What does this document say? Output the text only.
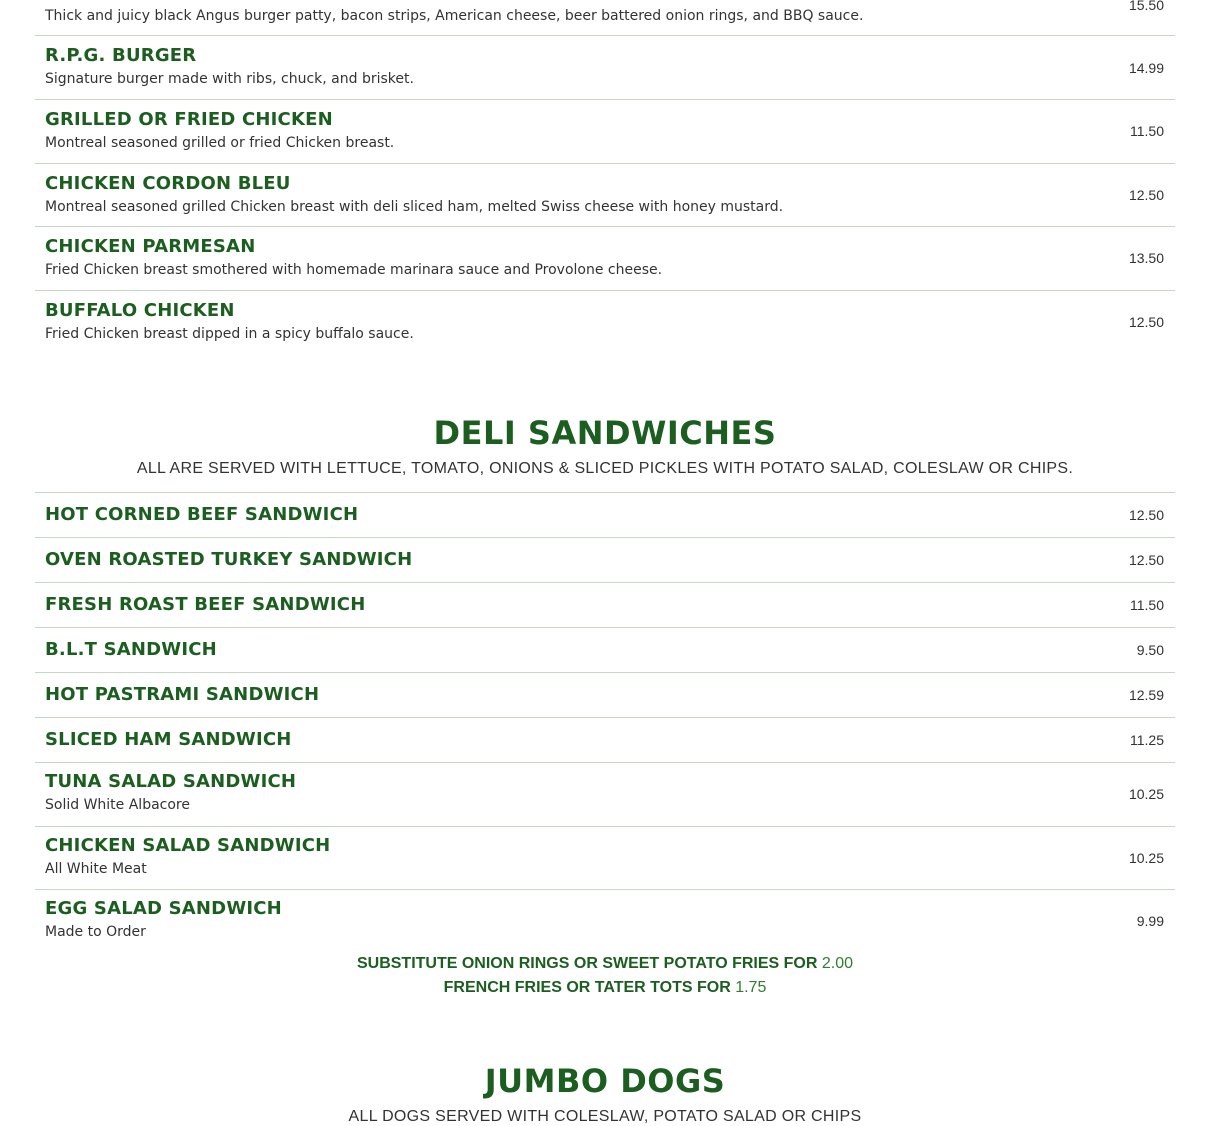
Thick and juicy black Angus burger patty, bacon strips, American cheese, beer battered onion rings, and BBQ sauce.
15.50
R.P.G. BURGER
Signature burger made with ribs, chuck, and brisket.
14.99
GRILLED OR FRIED CHICKEN
Montreal seasoned grilled or fried Chicken breast.
11.50
CHICKEN CORDON BLEU
Montreal seasoned grilled Chicken breast with deli sliced ham, melted Swiss cheese with honey mustard.
12.50
CHICKEN PARMESAN
Fried Chicken breast smothered with homemade marinara sauce and Provolone cheese.
13.50
BUFFALO CHICKEN
Fried Chicken breast dipped in a spicy buffalo sauce.
12.50
DELI SANDWICHES
ALL ARE SERVED WITH LETTUCE, TOMATO, ONIONS & SLICED PICKLES WITH POTATO SALAD, COLESLAW OR CHIPS.
HOT CORNED BEEF SANDWICH	12.50
OVEN ROASTED TURKEY SANDWICH	12.50
FRESH ROAST BEEF SANDWICH	11.50
B.L.T SANDWICH	9.50
HOT PASTRAMI SANDWICH	12.59
SLICED HAM SANDWICH	11.25
TUNA SALAD SANDWICH
Solid White Albacore
10.25
CHICKEN SALAD SANDWICH
All White Meat
10.25
EGG SALAD SANDWICH
Made to Order
9.99
SUBSTITUTE ONION RINGS OR SWEET POTATO FRIES FOR 2.00
FRENCH FRIES OR TATER TOTS FOR 1.75
JUMBO DOGS
ALL DOGS SERVED WITH COLESLAW, POTATO SALAD OR CHIPS
